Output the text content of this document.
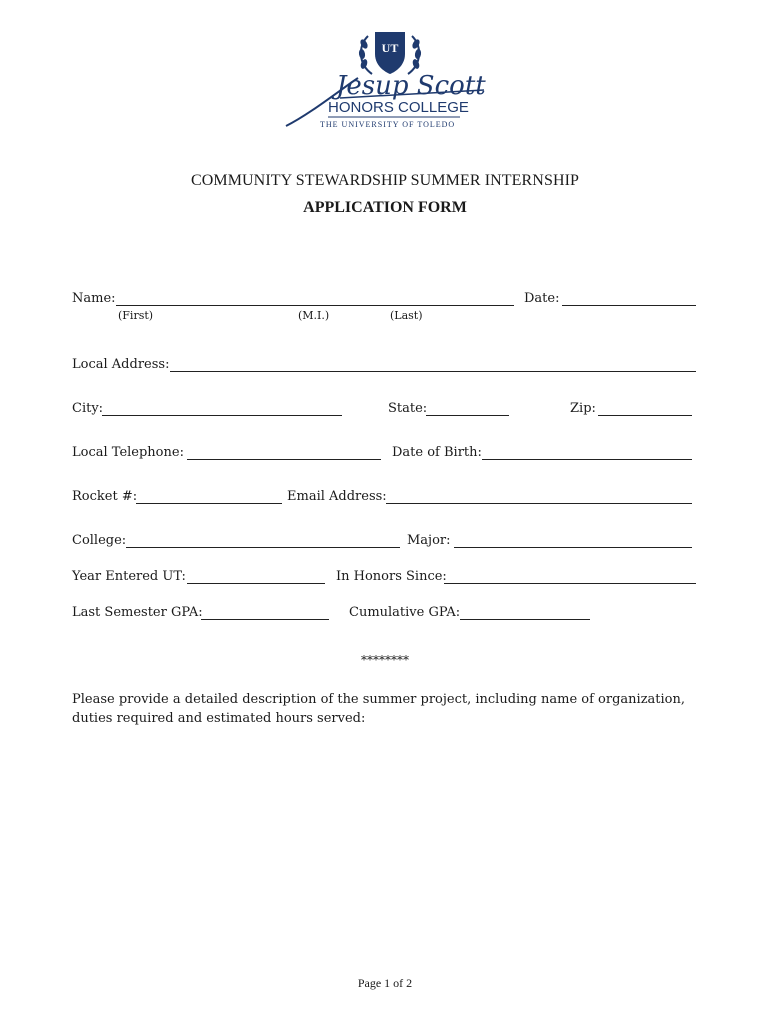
UT
Jesup Scott
HONORS COLLEGE
THE UNIVERSITY OF TOLEDO
COMMUNITY STEWARDSHIP SUMMER INTERNSHIP
APPLICATION FORM
Name:	Date:
(First)	(M.I.)	(Last)
Local Address:
City:	State:	Zip:
Local Telephone:	Date of Birth:
Rocket #:	Email Address:
College:	Major:
Year Entered UT:	In Honors Since:
Last Semester GPA:	Cumulative GPA:
********
Please provide a detailed description of the summer project, including name of organization, duties required and estimated hours served:
Page 1 of 2
